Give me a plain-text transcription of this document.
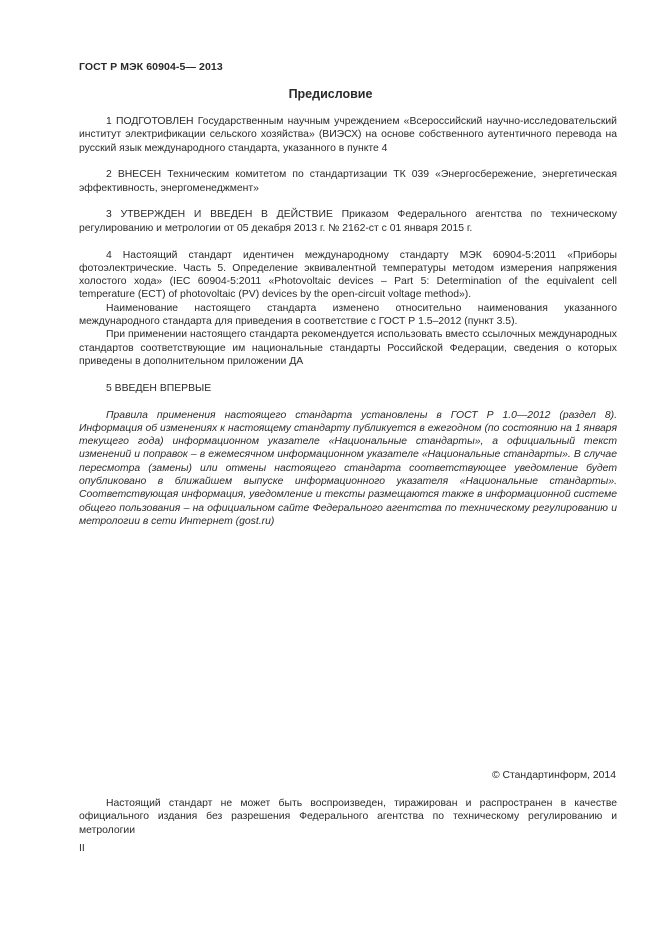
ГОСТ Р МЭК 60904-5— 2013
Предисловие

1 ПОДГОТОВЛЕН Государственным научным учреждением «Всероссийский научно-исследовательский институт электрификации сельского хозяйства» (ВИЭСХ) на основе собственного аутентичного перевода на русский язык международного стандарта, указанного в пункте 4

2 ВНЕСЕН Техническим комитетом по стандартизации ТК 039 «Энергосбережение, энергетическая эффективность, энергоменеджмент»

3 УТВЕРЖДЕН И ВВЕДЕН В ДЕЙСТВИЕ Приказом Федерального агентства по техническому регулированию и метрологии от 05 декабря 2013 г. № 2162-ст с 01 января 2015 г.

4 Настоящий стандарт идентичен международному стандарту МЭК 60904-5:2011 «Приборы фотоэлектрические. Часть 5. Определение эквивалентной температуры методом измерения напряжения холостого хода» (IEC 60904-5:2011 «Photovoltaic devices – Part 5: Determination of the equivalent cell temperature (ECT) of photovoltaic (PV) devices by the open-circuit voltage method»).

Наименование настоящего стандарта изменено относительно наименования указанного международного стандарта для приведения в соответствие с ГОСТ Р 1.5–2012 (пункт 3.5).

При применении настоящего стандарта рекомендуется использовать вместо ссылочных международных стандартов соответствующие им национальные стандарты Российской Федерации, сведения о которых приведены в дополнительном приложении ДА

5 ВВЕДЕН ВПЕРВЫЕ

Правила применения настоящего стандарта установлены в ГОСТ Р 1.0—2012 (раздел 8). Информация об изменениях к настоящему стандарту публикуется в ежегодном (по состоянию на 1 января текущего года) информационном указателе «Национальные стандарты», а официальный текст изменений и поправок – в ежемесячном информационном указателе «Национальные стандарты». В случае пересмотра (замены) или отмены настоящего стандарта соответствующее уведомление будет опубликовано в ближайшем выпуске информационного указателя «Национальные стандарты». Соответствующая информация, уведомление и тексты размещаются также в информационной системе общего пользования – на официальном сайте Федерального агентства по техническому регулированию и метрологии в сети Интернет (gost.ru)

© Стандартинформ, 2014
Настоящий стандарт не может быть воспроизведен, тиражирован и распространен в качестве официального издания без разрешения Федерального агентства по техническому регулированию и метрологии
II
